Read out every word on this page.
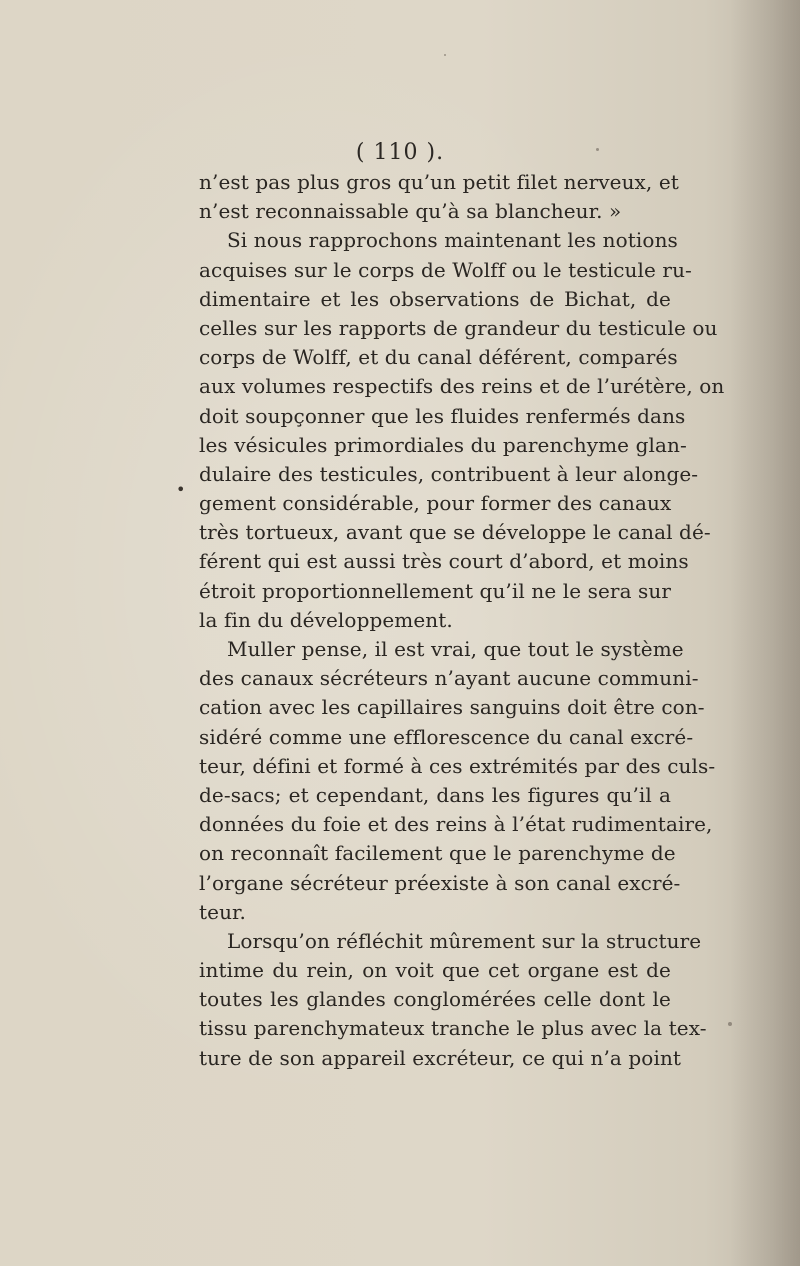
( 110 ).
•
n’est pas plus gros qu’un petit filet nerveux, et
n’est reconnaissable qu’à sa blancheur. »
Si nous rapprochons maintenant les notions
acquises sur le corps de Wolff ou le testicule ru-
dimentaire et les observations de Bichat, de
celles sur les rapports de grandeur du testicule ou
corps de Wolff, et du canal déférent, comparés
aux volumes respectifs des reins et de l’urétère, on
doit soupçonner que les fluides renfermés dans
les vésicules primordiales du parenchyme glan-
dulaire des testicules, contribuent à leur alonge-
gement considérable, pour former des canaux
très tortueux, avant que se développe le canal dé-
férent qui est aussi très court d’abord, et moins
étroit proportionnellement qu’il ne le sera sur
la fin du développement.
Muller pense, il est vrai, que tout le système
des canaux sécréteurs n’ayant aucune communi-
cation avec les capillaires sanguins doit être con-
sidéré comme une efflorescence du canal excré-
teur, défini et formé à ces extrémités par des culs-
de-sacs; et cependant, dans les figures qu’il a
données du foie et des reins à l’état rudimentaire,
on reconnaît facilement que le parenchyme de
l’organe sécréteur préexiste à son canal excré-
teur.
Lorsqu’on réfléchit mûrement sur la structure
intime du rein, on voit que cet organe est de
toutes les glandes conglomérées celle dont le
tissu parenchymateux tranche le plus avec la tex-
ture de son appareil excréteur, ce qui n’a point
